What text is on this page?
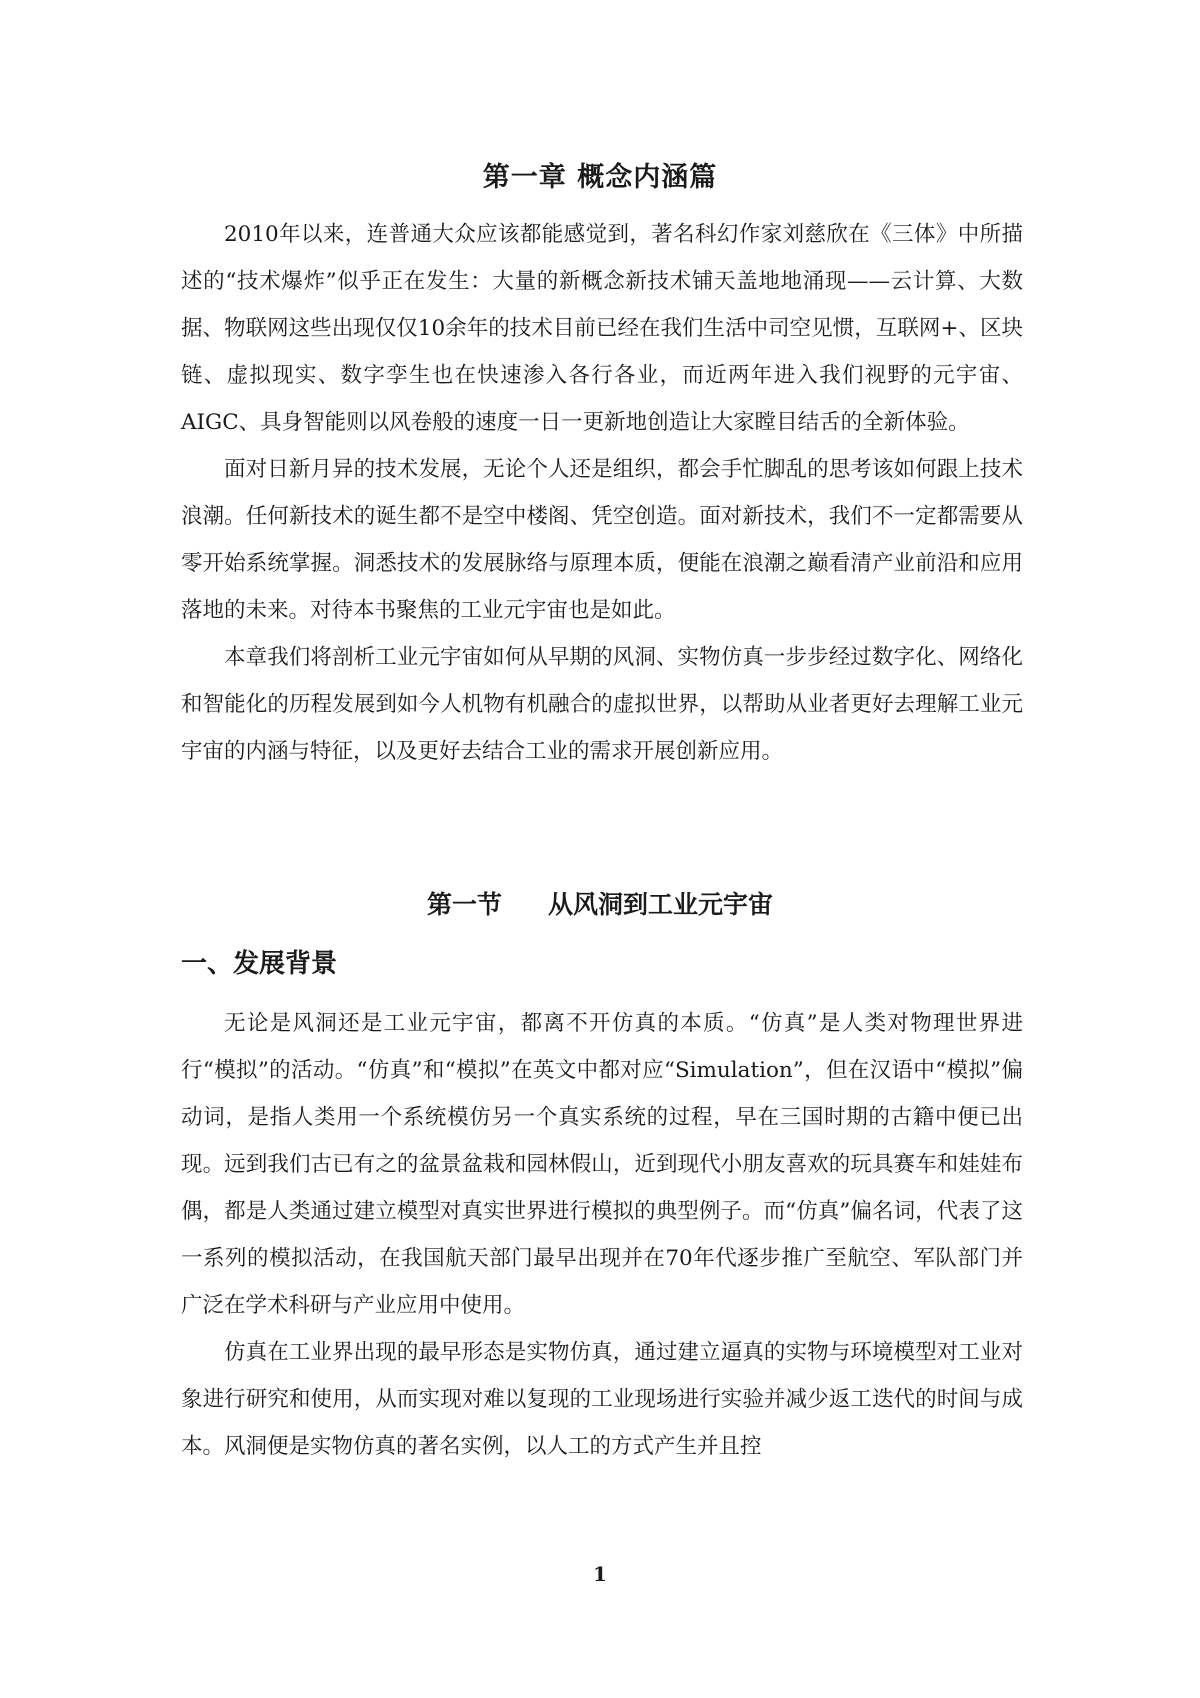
第一章 概念内涵篇

2010年以来，连普通大众应该都能感觉到，著名科幻作家刘慈欣在《三体》中所描述的“技术爆炸”似乎正在发生：大量的新概念新技术铺天盖地地涌现——云计算、大数据、物联网这些出现仅仅10余年的技术目前已经在我们生活中司空见惯，互联网+、区块链、虚拟现实、数字孪生也在快速渗入各行各业，而近两年进入我们视野的元宇宙、AIGC、具身智能则以风卷般的速度一日一更新地创造让大家瞠目结舌的全新体验。

面对日新月异的技术发展，无论个人还是组织，都会手忙脚乱的思考该如何跟上技术浪潮。任何新技术的诞生都不是空中楼阁、凭空创造。面对新技术，我们不一定都需要从零开始系统掌握。洞悉技术的发展脉络与原理本质，便能在浪潮之巅看清产业前沿和应用落地的未来。对待本书聚焦的工业元宇宙也是如此。

本章我们将剖析工业元宇宙如何从早期的风洞、实物仿真一步步经过数字化、网络化和智能化的历程发展到如今人机物有机融合的虚拟世界，以帮助从业者更好去理解工业元宇宙的内涵与特征，以及更好去结合工业的需求开展创新应用。

第一节 从风洞到工业元宇宙
一、发展背景

无论是风洞还是工业元宇宙，都离不开仿真的本质。“仿真”是人类对物理世界进行“模拟”的活动。“仿真”和“模拟”在英文中都对应“Simulation”，但在汉语中“模拟”偏动词，是指人类用一个系统模仿另一个真实系统的过程，早在三国时期的古籍中便已出现。远到我们古已有之的盆景盆栽和园林假山，近到现代小朋友喜欢的玩具赛车和娃娃布偶，都是人类通过建立模型对真实世界进行模拟的典型例子。而“仿真”偏名词，代表了这一系列的模拟活动，在我国航天部门最早出现并在70年代逐步推广至航空、军队部门并广泛在学术科研与产业应用中使用。

仿真在工业界出现的最早形态是实物仿真，通过建立逼真的实物与环境模型对工业对象进行研究和使用，从而实现对难以复现的工业现场进行实验并减少返工迭代的时间与成本。风洞便是实物仿真的著名实例，以人工的方式产生并且控

1
